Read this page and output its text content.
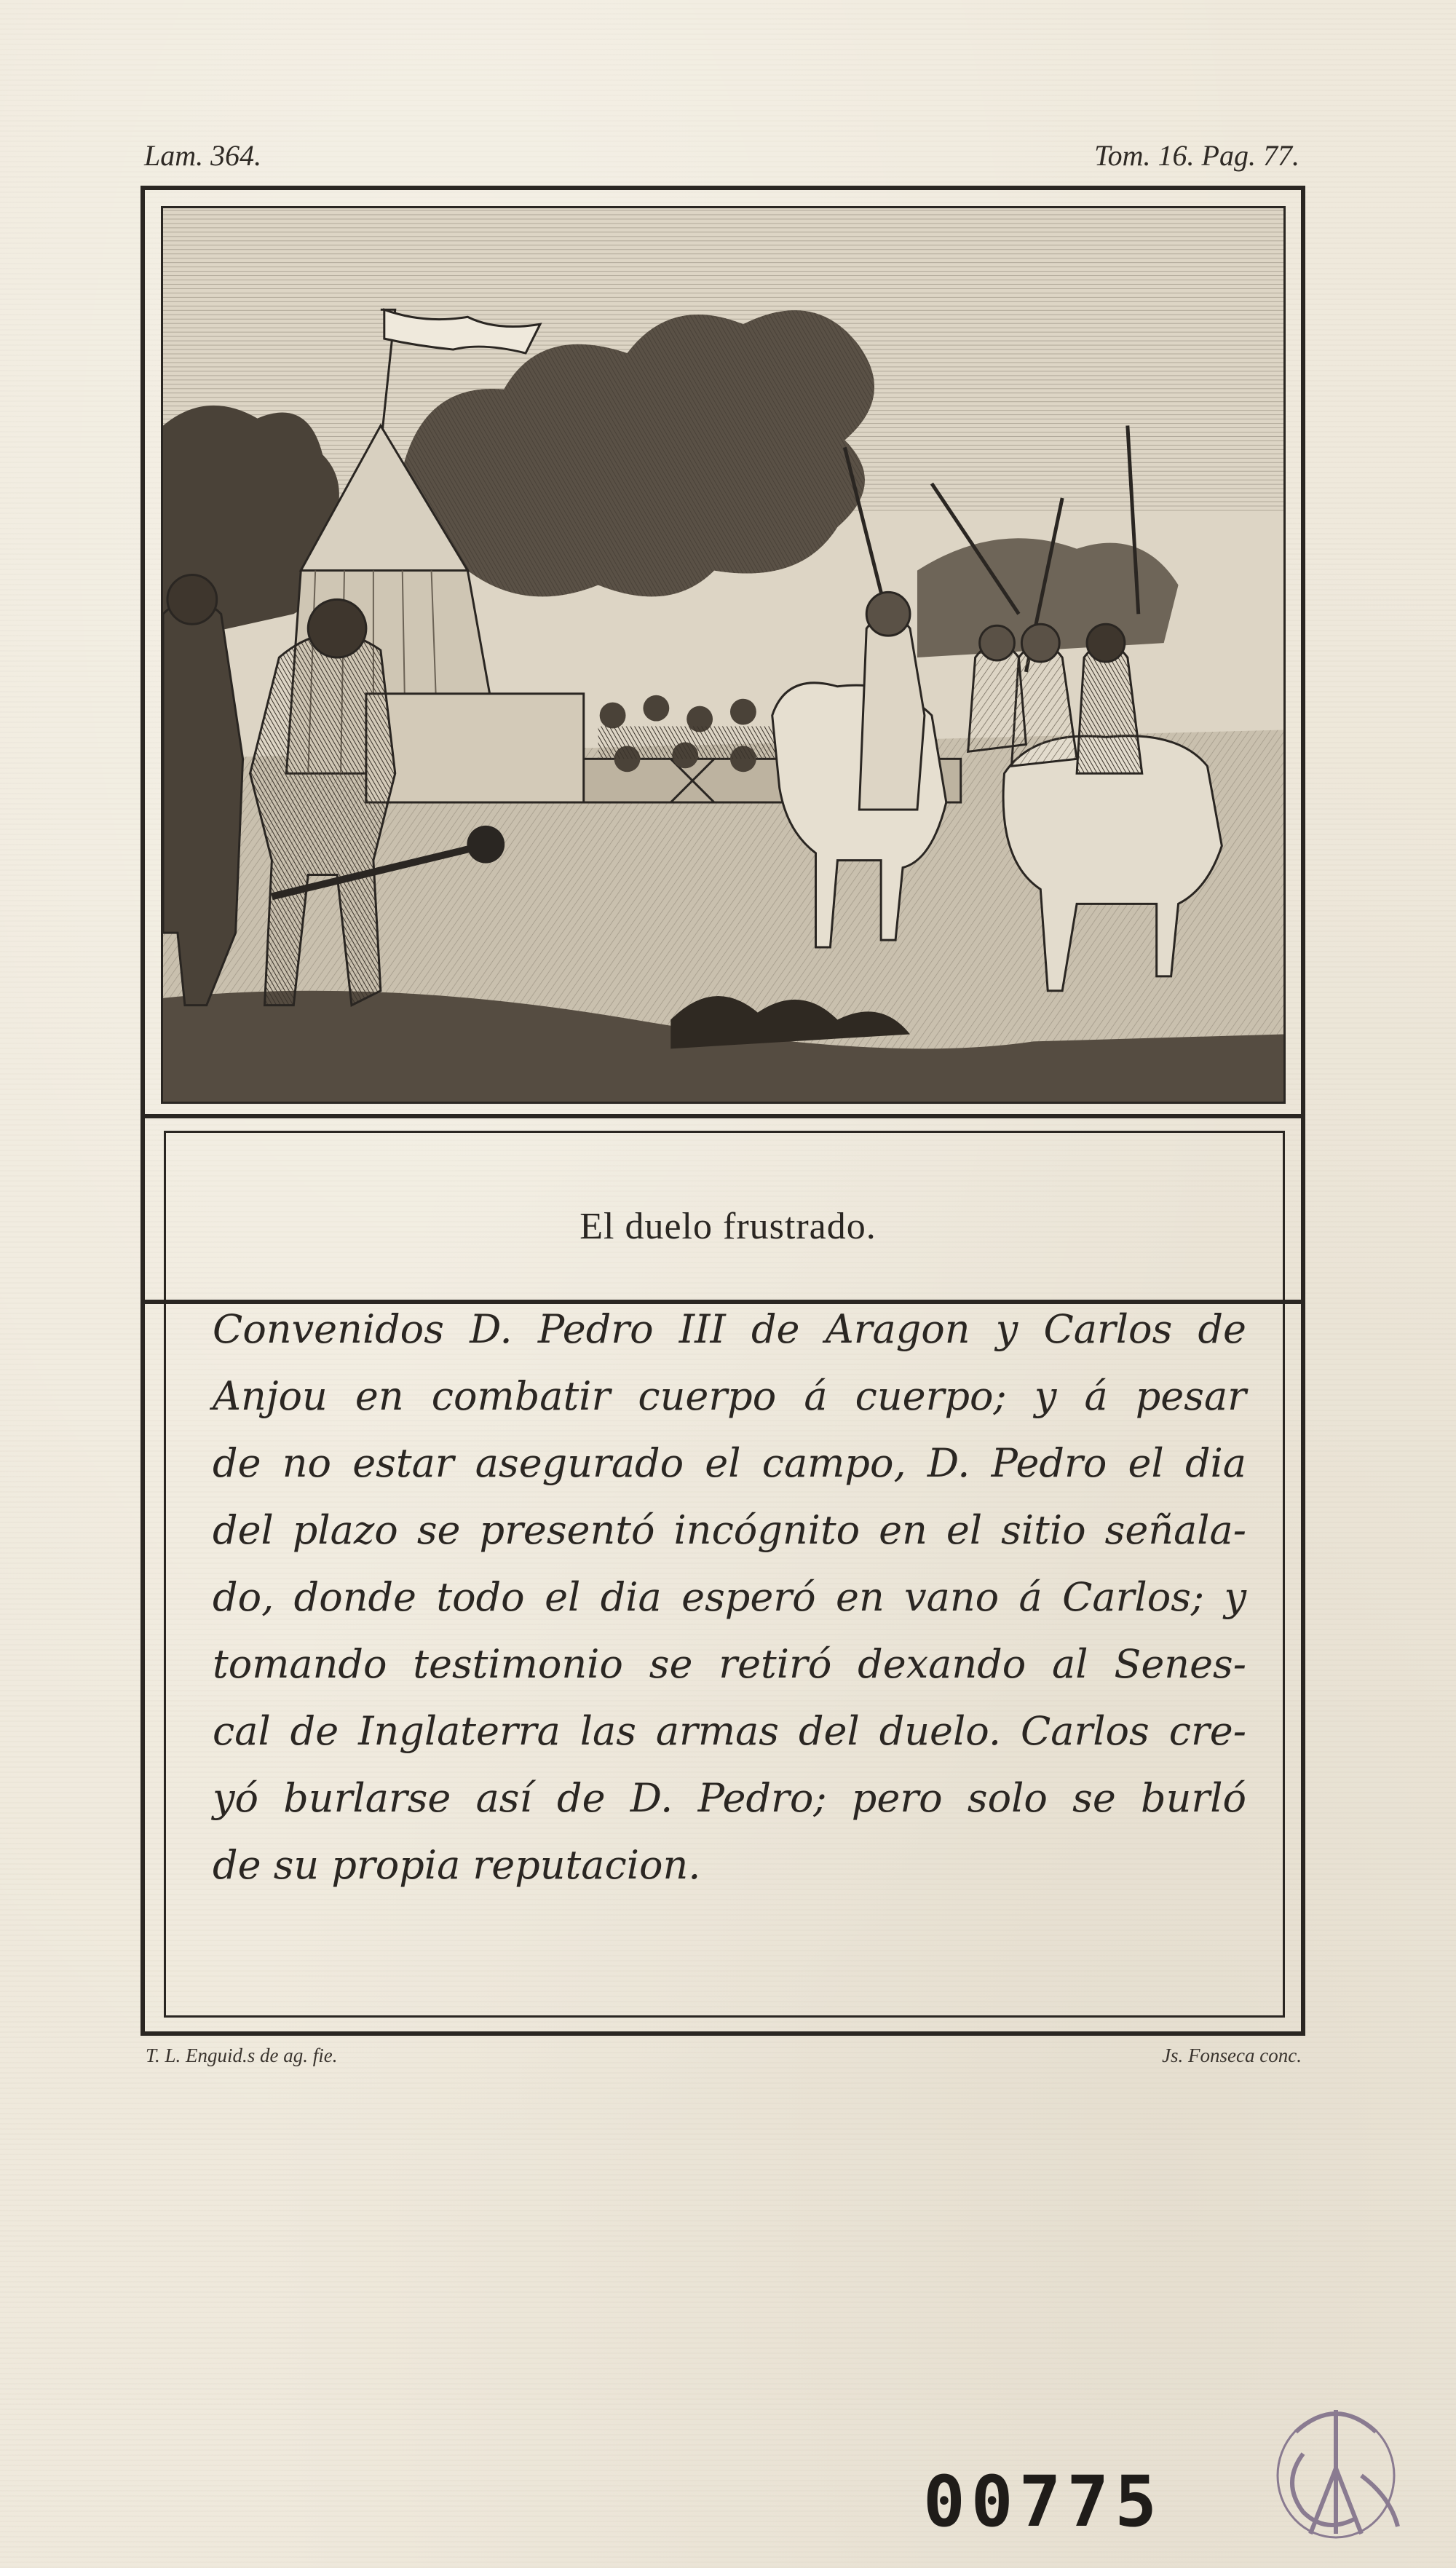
Lam. 364.	Tom. 16. Pag. 77.
El duelo frustrado.
Convenidos D. Pedro III de Aragon y Carlos de
Anjou en combatir cuerpo á cuerpo; y á pesar
de no estar asegurado el campo, D. Pedro el dia
del plazo se presentó incógnito en el sitio señala-
do, donde todo el dia esperó en vano á Carlos; y
tomando testimonio se retiró dexando al Senes-
cal de Inglaterra las armas del duelo. Carlos cre-
yó burlarse así de D. Pedro; pero solo se burló
de su propia reputacion.
T. L. Enguid.s de ag. fie.	Js. Fonseca conc.
00775
